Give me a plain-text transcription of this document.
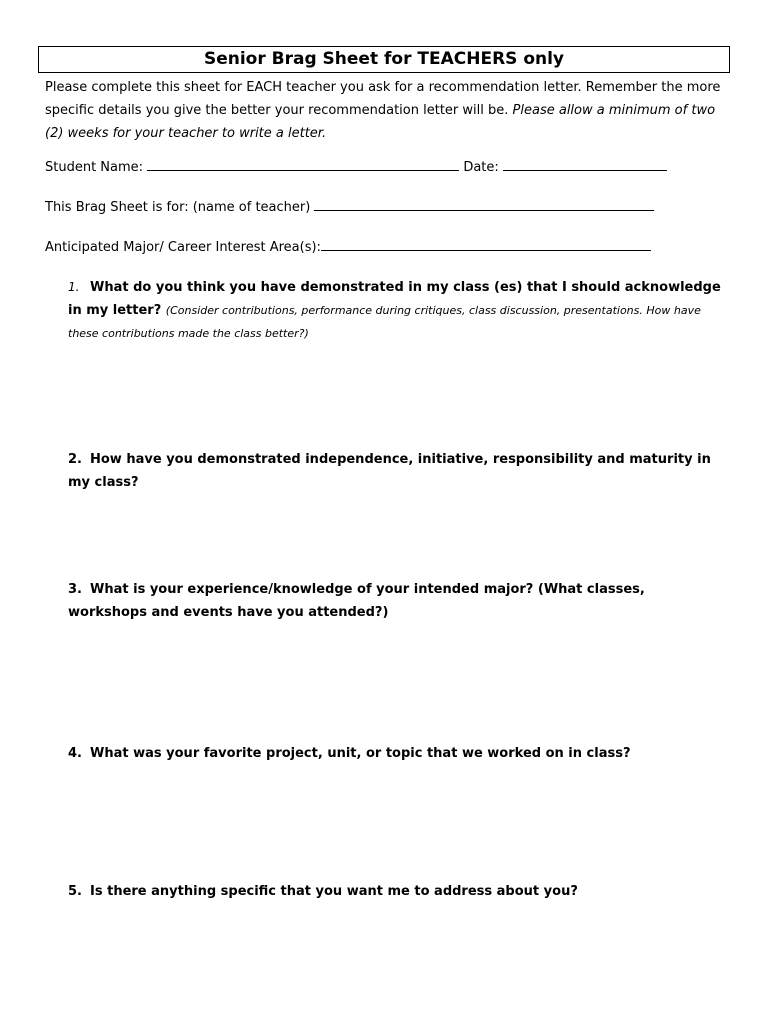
Senior Brag Sheet for TEACHERS only
Please complete this sheet for EACH teacher you ask for a recommendation letter. Remember the more specific details you give the better your recommendation letter will be. Please allow a minimum of two (2) weeks for your teacher to write a letter.
Student Name:	Date:
This Brag Sheet is for: (name of teacher)
Anticipated Major/ Career Interest Area(s):
1. What do you think you have demonstrated in my class (es) that I should acknowledge in my letter? (Consider contributions, performance during critiques, class discussion, presentations. How have these contributions made the class better?)
2. How have you demonstrated independence, initiative, responsibility and maturity in my class?
3. What is your experience/knowledge of your intended major? (What classes, workshops and events have you attended?)
4. What was your favorite project, unit, or topic that we worked on in class?
5. Is there anything specific that you want me to address about you?
